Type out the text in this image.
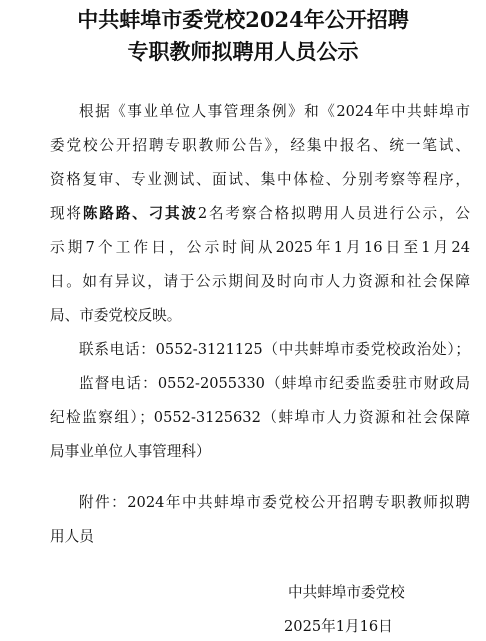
中共蚌埠市委党校2024年公开招聘
专职教师拟聘用人员公示
根据《事业单位人事管理条例》和《2024年中共蚌埠市
委党校公开招聘专职教师公告》，经集中报名、统一笔试、
资格复审、专业测试、面试、集中体检、分别考察等程序，
现将陈路路、刁其波2名考察合格拟聘用人员进行公示，公
示期7个工作日，公示时间从2025年1月16日至1月24
日。如有异议，请于公示期间及时向市人力资源和社会保障
局、市委党校反映。
联系电话：0552-3121125（中共蚌埠市委党校政治处）；
监督电话：0552-2055330（蚌埠市纪委监委驻市财政局
纪检监察组）；0552-3125632（蚌埠市人力资源和社会保障
局事业单位人事管理科）
附件：2024年中共蚌埠市委党校公开招聘专职教师拟聘
用人员
中共蚌埠市委党校
2025年1月16日
